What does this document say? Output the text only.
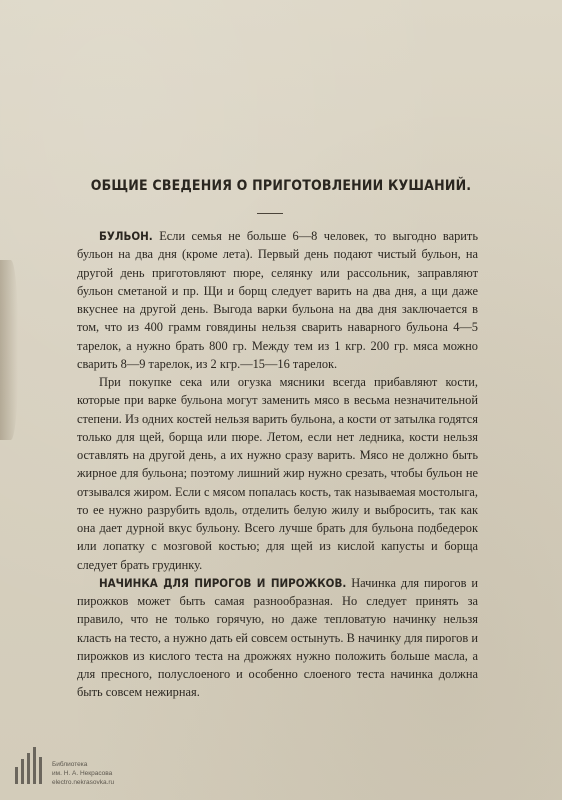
ОБЩИЕ СВЕДЕНИЯ О ПРИГОТОВЛЕНИИ КУШАНИЙ.

БУЛЬОН. Если семья не больше 6—8 человек, то выгодно варить бульон на два дня (кроме лета). Первый день подают чистый бульон, на другой день приготовляют пюре, селянку или рассольник, заправляют бульон сметаной и пр. Щи и борщ следует варить на два дня, а щи даже вкуснее на другой день. Выгода варки бульона на два дня заключается в том, что из 400 грамм говядины нельзя сварить наварного бульона 4—5 тарелок, а нужно брать 800 гр. Между тем из 1 кгр. 200 гр. мяса можно сварить 8—9 тарелок, из 2 кгр.—15—16 тарелок.

При покупке сека или огузка мясники всегда прибавляют кости, которые при варке бульона могут заменить мясо в весьма незначительной степени. Из одних костей нельзя варить бульона, а кости от затылка годятся только для щей, борща или пюре. Летом, если нет ледника, кости нельзя оставлять на другой день, а их нужно сразу варить. Мясо не должно быть жирное для бульона; поэтому лишний жир нужно срезать, чтобы бульон не отзывался жиром. Если с мясом попалась кость, так называемая мостолыга, то ее нужно разрубить вдоль, отделить белую жилу и выбросить, так как она дает дурной вкус бульону. Всего лучше брать для бульона подбедерок или лопатку с мозговой костью; для щей из кислой капусты и борща следует брать грудинку.

НАЧИНКА ДЛЯ ПИРОГОВ И ПИРОЖКОВ. Начинка для пирогов и пирожков может быть самая разнообразная. Но следует принять за правило, что не только горячую, но даже тепловатую начинку нельзя класть на тесто, а нужно дать ей совсем остынуть. В начинку для пирогов и пирожков из кислого теста на дрожжях нужно положить больше масла, а для пресного, полуслоеного и особенно слоеного теста начинка должна быть совсем нежирная.

Библиотека
им. Н. А. Некрасова
electro.nekrasovka.ru
